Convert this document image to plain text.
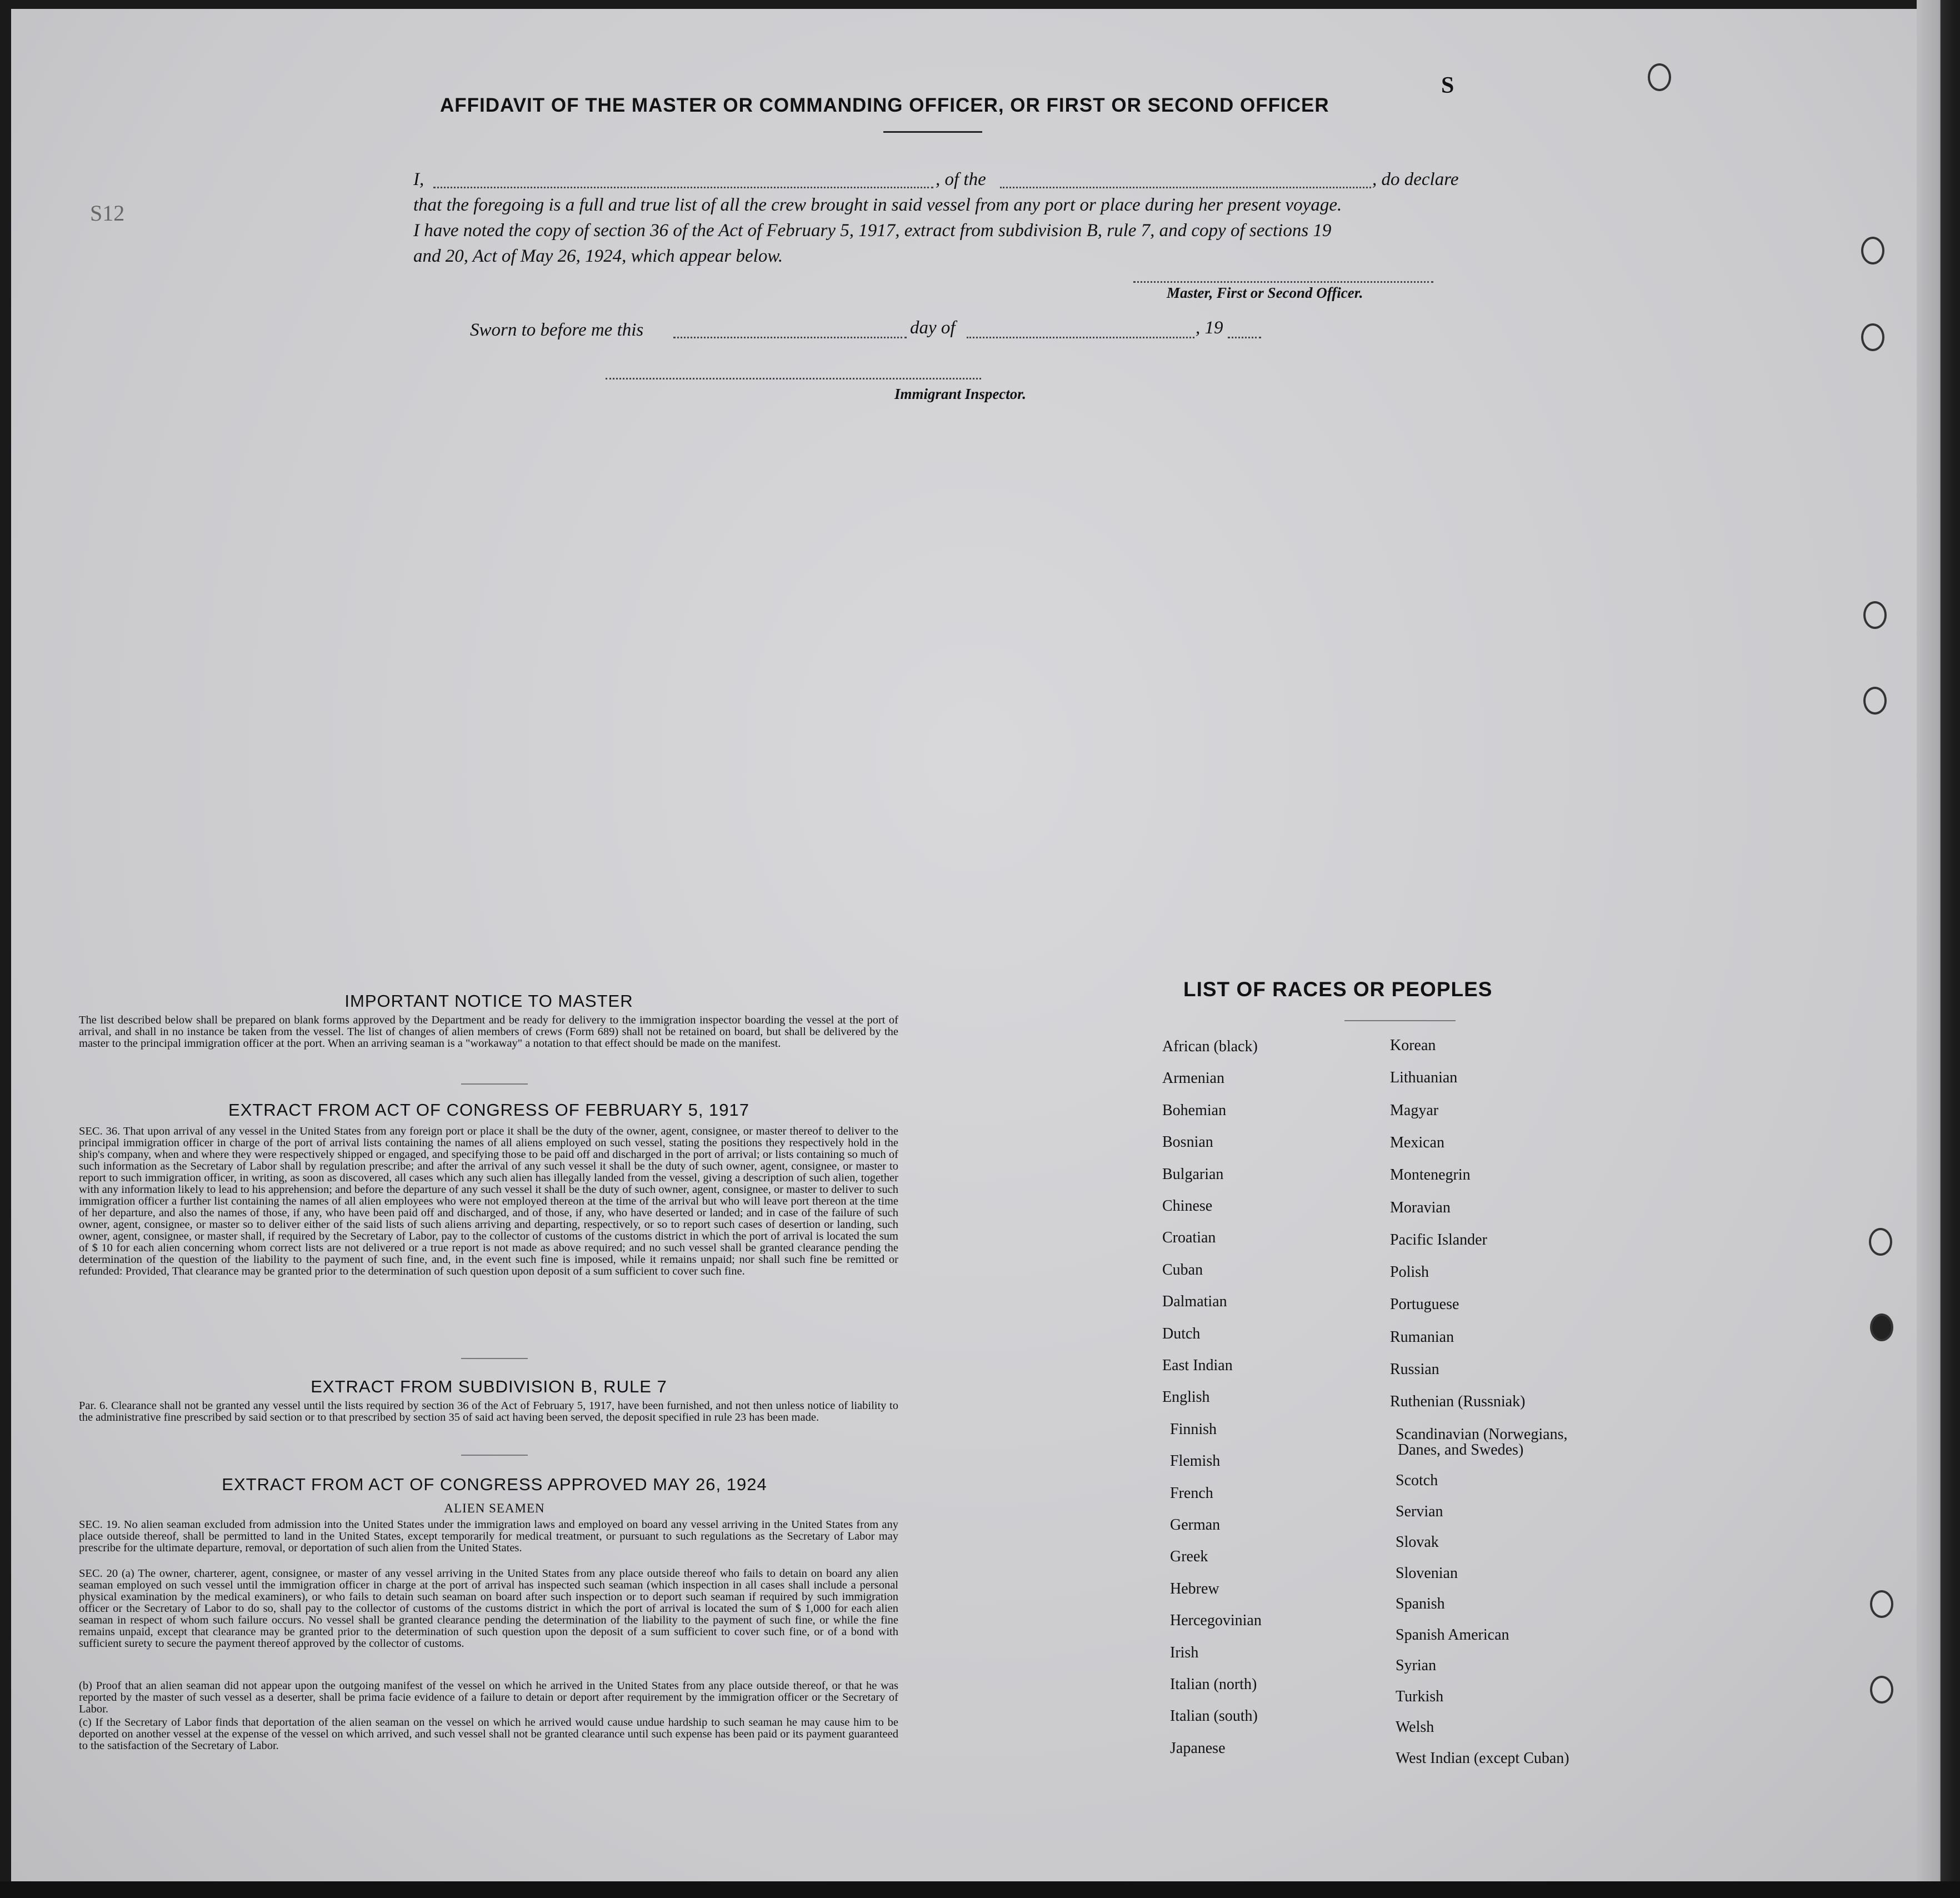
S12
S
AFFIDAVIT OF THE MASTER OR COMMANDING OFFICER, OR FIRST OR SECOND OFFICER
I,	, of the	, do declare
that the foregoing is a full and true list of all the crew brought in said vessel from any port or place during her present voyage.
I have noted the copy of section 36 of the Act of February 5, 1917, extract from subdivision B, rule 7, and copy of sections 19
and 20, Act of May 26, 1924, which appear below.
Master, First or Second Officer.
Sworn to before me this	day of	, 19
Immigrant Inspector.
IMPORTANT NOTICE TO MASTER
The list described below shall be prepared on blank forms approved by the Department and be ready for delivery to the immigration inspector boarding the vessel at the port of arrival, and shall in no instance be taken from the vessel. The list of changes of alien members of crews (Form 689) shall not be retained on board, but shall be delivered by the master to the principal immigration officer at the port. When an arriving seaman is a "workaway" a notation to that effect should be made on the manifest.
EXTRACT FROM ACT OF CONGRESS OF FEBRUARY 5, 1917
SEC. 36. That upon arrival of any vessel in the United States from any foreign port or place it shall be the duty of the owner, agent, consignee, or master thereof to deliver to the principal immigration officer in charge of the port of arrival lists containing the names of all aliens employed on such vessel, stating the positions they respectively hold in the ship's company, when and where they were respectively shipped or engaged, and specifying those to be paid off and discharged in the port of arrival; or lists containing so much of such information as the Secretary of Labor shall by regulation prescribe; and after the arrival of any such vessel it shall be the duty of such owner, agent, consignee, or master to report to such immigration officer, in writing, as soon as discovered, all cases which any such alien has illegally landed from the vessel, giving a description of such alien, together with any information likely to lead to his apprehension; and before the departure of any such vessel it shall be the duty of such owner, agent, consignee, or master to deliver to such immigration officer a further list containing the names of all alien employees who were not employed thereon at the time of the arrival but who will leave port thereon at the time of her departure, and also the names of those, if any, who have been paid off and discharged, and of those, if any, who have deserted or landed; and in case of the failure of such owner, agent, consignee, or master so to deliver either of the said lists of such aliens arriving and departing, respectively, or so to report such cases of desertion or landing, such owner, agent, consignee, or master shall, if required by the Secretary of Labor, pay to the collector of customs of the customs district in which the port of arrival is located the sum of $ 10 for each alien concerning whom correct lists are not delivered or a true report is not made as above required; and no such vessel shall be granted clearance pending the determination of the question of the liability to the payment of such fine, and, in the event such fine is imposed, while it remains unpaid; nor shall such fine be remitted or refunded: Provided, That clearance may be granted prior to the determination of such question upon deposit of a sum sufficient to cover such fine.
EXTRACT FROM SUBDIVISION B, RULE 7
Par. 6. Clearance shall not be granted any vessel until the lists required by section 36 of the Act of February 5, 1917, have been furnished, and not then unless notice of liability to the administrative fine prescribed by said section or to that prescribed by section 35 of said act having been served, the deposit specified in rule 23 has been made.
EXTRACT FROM ACT OF CONGRESS APPROVED MAY 26, 1924
ALIEN SEAMEN
SEC. 19. No alien seaman excluded from admission into the United States under the immigration laws and employed on board any vessel arriving in the United States from any place outside thereof, shall be permitted to land in the United States, except temporarily for medical treatment, or pursuant to such regulations as the Secretary of Labor may prescribe for the ultimate departure, removal, or deportation of such alien from the United States.
SEC. 20 (a) The owner, charterer, agent, consignee, or master of any vessel arriving in the United States from any place outside thereof who fails to detain on board any alien seaman employed on such vessel until the immigration officer in charge at the port of arrival has inspected such seaman (which inspection in all cases shall include a personal physical examination by the medical examiners), or who fails to detain such seaman on board after such inspection or to deport such seaman if required by such immigration officer or the Secretary of Labor to do so, shall pay to the collector of customs of the customs district in which the port of arrival is located the sum of $ 1,000 for each alien seaman in respect of whom such failure occurs. No vessel shall be granted clearance pending the determination of the liability to the payment of such fine, or while the fine remains unpaid, except that clearance may be granted prior to the determination of such question upon the deposit of a sum sufficient to cover such fine, or of a bond with sufficient surety to secure the payment thereof approved by the collector of customs.
(b) Proof that an alien seaman did not appear upon the outgoing manifest of the vessel on which he arrived in the United States from any place outside thereof, or that he was reported by the master of such vessel as a deserter, shall be prima facie evidence of a failure to detain or deport after requirement by the immigration officer or the Secretary of Labor.
(c) If the Secretary of Labor finds that deportation of the alien seaman on the vessel on which he arrived would cause undue hardship to such seaman he may cause him to be deported on another vessel at the expense of the vessel on which arrived, and such vessel shall not be granted clearance until such expense has been paid or its payment guaranteed to the satisfaction of the Secretary of Labor.
LIST OF RACES OR PEOPLES
African (black)
Armenian
Bohemian
Bosnian
Bulgarian
Chinese
Croatian
Cuban
Dalmatian
Dutch
East Indian
English
Finnish
Flemish
French
German
Greek
Hebrew
Hercegovinian
Irish
Italian (north)
Italian (south)
Japanese
Korean
Lithuanian
Magyar
Mexican
Montenegrin
Moravian
Pacific Islander
Polish
Portuguese
Rumanian
Russian
Ruthenian (Russniak)
Scandinavian (Norwegians,
Danes, and Swedes)
Scotch
Servian
Slovak
Slovenian
Spanish
Spanish American
Syrian
Turkish
Welsh
West Indian (except Cuban)
